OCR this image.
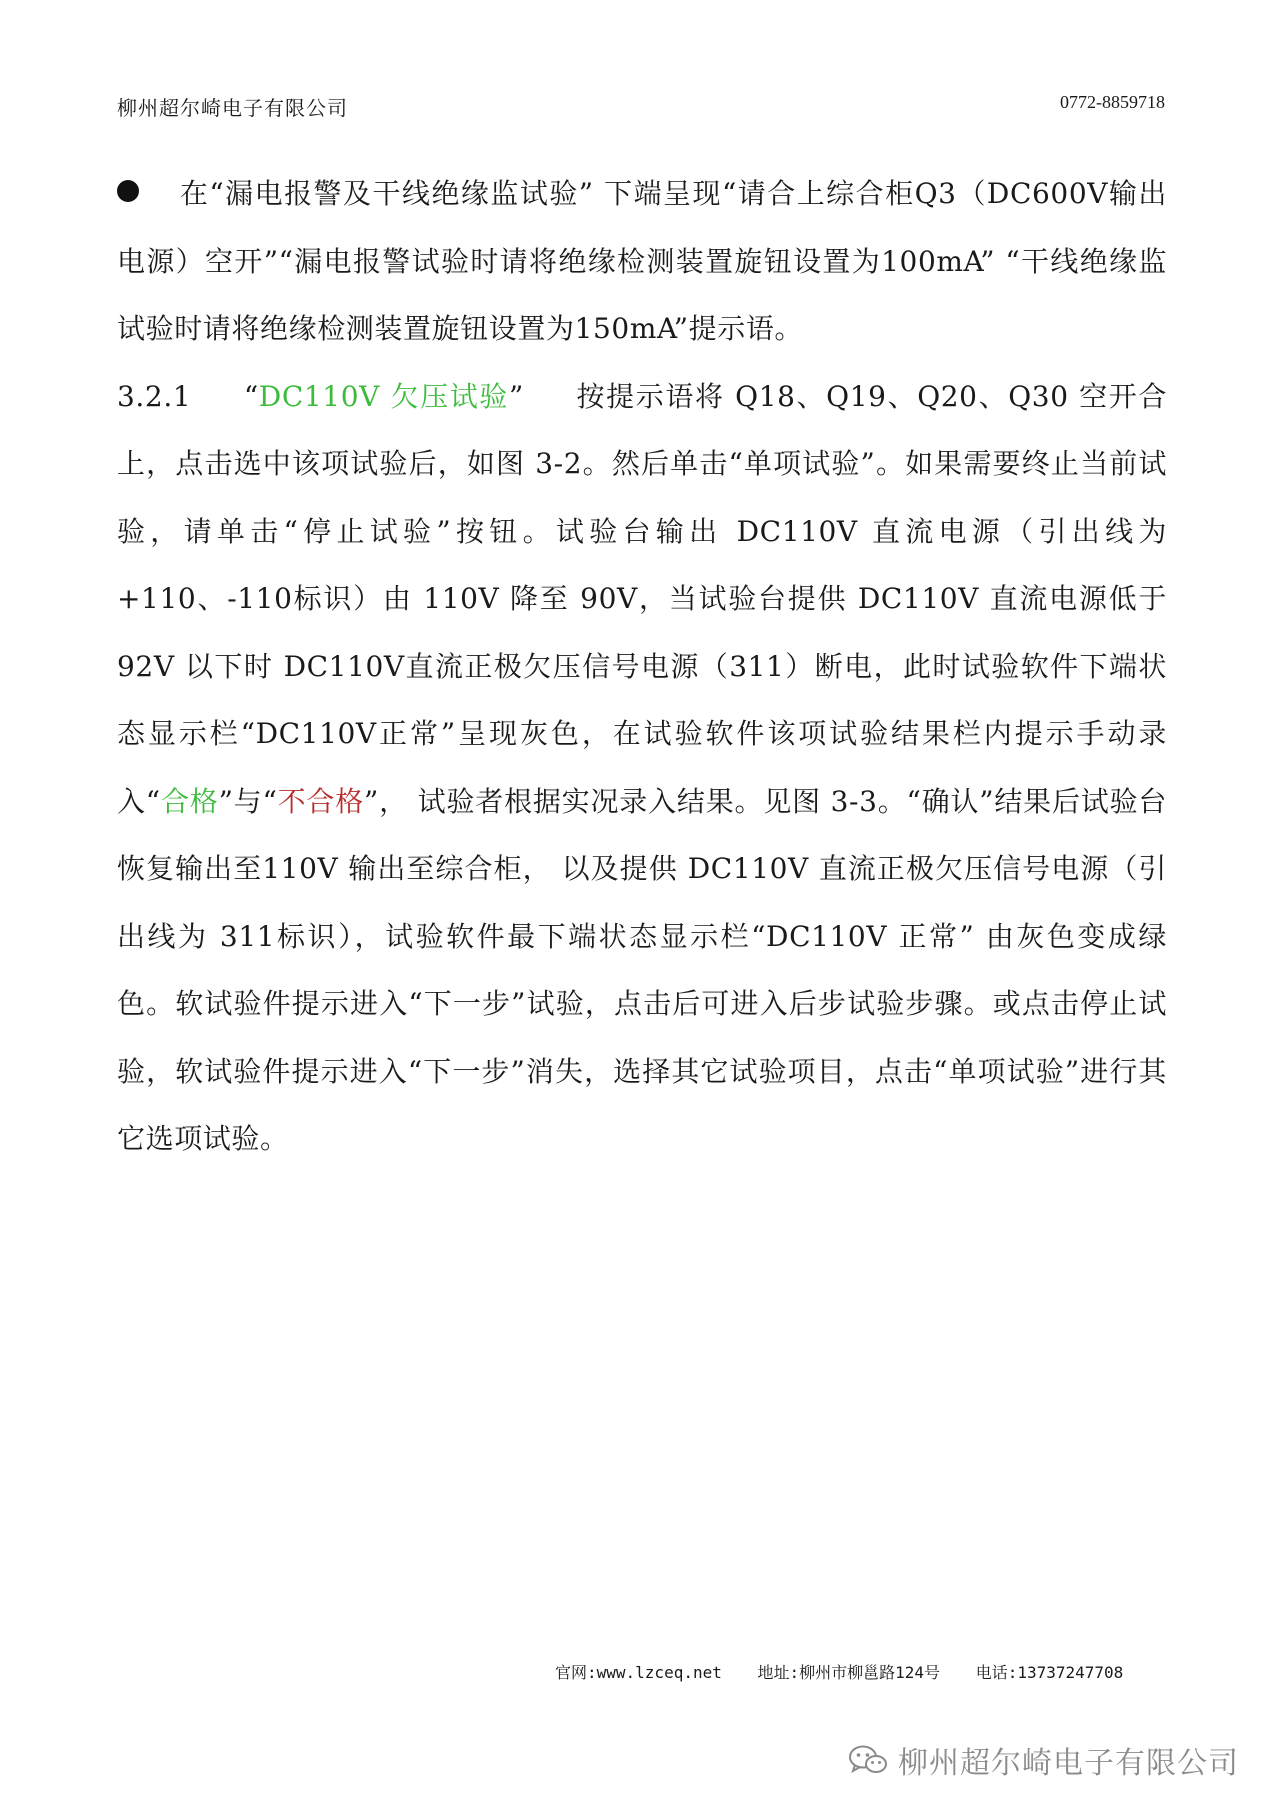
柳州超尔崎电子有限公司	0772-8859718

在“漏电报警及干线绝缘监试验” 下端呈现“请合上综合柜Q3（DC600V输出电源）空开”“漏电报警试验时请将绝缘检测装置旋钮设置为100mA” “干线绝缘监试验时请将绝缘检测装置旋钮设置为150mA”提示语。

3.2.1 “DC110V 欠压试验” 按提示语将 Q18、Q19、Q20、Q30 空开合上，点击选中该项试验后，如图 3-2。然后单击“单项试验”。如果需要终止当前试验，请单击“停止试验”按钮。试验台输出 DC110V 直流电源（引出线为+110、-110标识）由 110V 降至 90V，当试验台提供 DC110V 直流电源低于 92V 以下时 DC110V直流正极欠压信号电源（311）断电，此时试验软件下端状态显示栏“DC110V正常”呈现灰色，在试验软件该项试验结果栏内提示手动录入“合格”与“不合格”， 试验者根据实况录入结果。见图 3-3。“确认”结果后试验台恢复输出至110V 输出至综合柜， 以及提供 DC110V 直流正极欠压信号电源（引出线为 311标识），试验软件最下端状态显示栏“DC110V 正常” 由灰色变成绿色。软试验件提示进入“下一步”试验，点击后可进入后步试验步骤。或点击停止试验，软试验件提示进入“下一步”消失，选择其它试验项目，点击“单项试验”进行其它选项试验。

官网:www.lzceq.net 地址:柳州市柳邕路124号 电话:13737247708
柳州超尔崎电子有限公司
